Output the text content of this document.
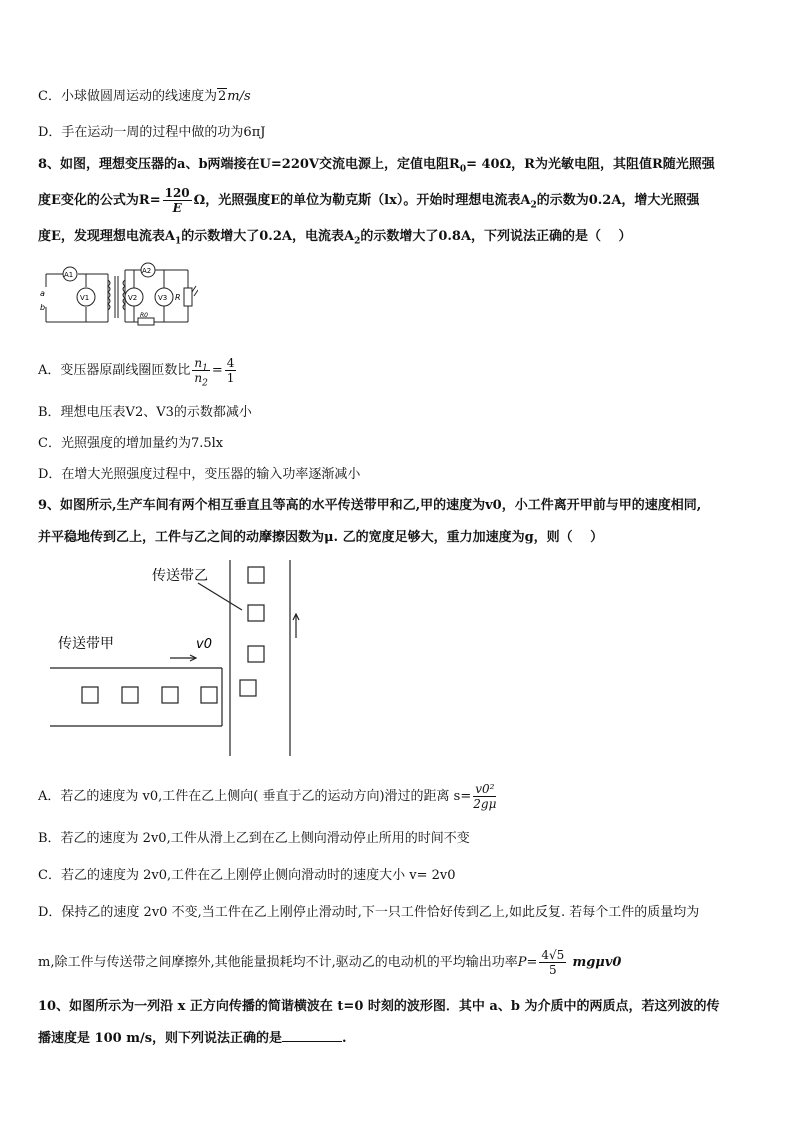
C．小球做圆周运动的线速度为2m/s
D．手在运动一周的过程中做的功为6πJ
8、如图，理想变压器的a、b两端接在U=220V交流电源上，定值电阻$R_0= 40\Omega$，R为光敏电阻，其阻值R随光照强
度E变化的公式为$R= \frac{120}{E}$ Ω，光照强度E的单位为勒克斯（lx）。开始时理想电流表$A_2$的示数为0.2A，增大光照强
度E，发现理想电流表$A_1$的示数增大了0.2A，电流表$A_2$的示数增大了0.8A，下列说法正确的是（　 ）
a
b
A1
V1
A2
V2	V3
R0
R
A．变压器原副线圈匝数比 $\frac{n_1}{n_2} = \frac{4}{1}$
B．理想电压表V2、V3的示数都减小
C．光照强度的增加量约为7.5lx
D．在增大光照强度过程中，变压器的输入功率逐渐减小
9、如图所示,生产车间有两个相互垂直且等高的水平传送带甲和乙,甲的速度为v0，小工件离开甲前与甲的速度相同,
并平稳地传到乙上，工件与乙之间的动摩擦因数为μ. 乙的宽度足够大，重力加速度为g，则（　 ）
传送带乙
传送带甲	v0
A．若乙的速度为 v0,工件在乙上侧向( 垂直于乙的运动方向)滑过的距离 $s= \frac{\text{v0²}}{2g\mu}$
B．若乙的速度为 2v0,工件从滑上乙到在乙上侧向滑动停止所用的时间不变
C．若乙的速度为 2v0,工件在乙上刚停止侧向滑动时的速度大小 v= 2v0
D．保持乙的速度 2v0 不变,当工件在乙上刚停止滑动时,下一只工件恰好传到乙上,如此反复. 若每个工件的质量均为
m,除工件与传送带之间摩擦外,其他能量损耗均不计,驱动乙的电动机的平均输出功率$P= \frac{4√5}{5} mg\mu v0$
10、如图所示为一列沿 x 正方向传播的简谐横波在 t=0 时刻的波形图．其中 a、b 为介质中的两质点，若这列波的传
播速度是 100 m/s，则下列说法正确的是	.
